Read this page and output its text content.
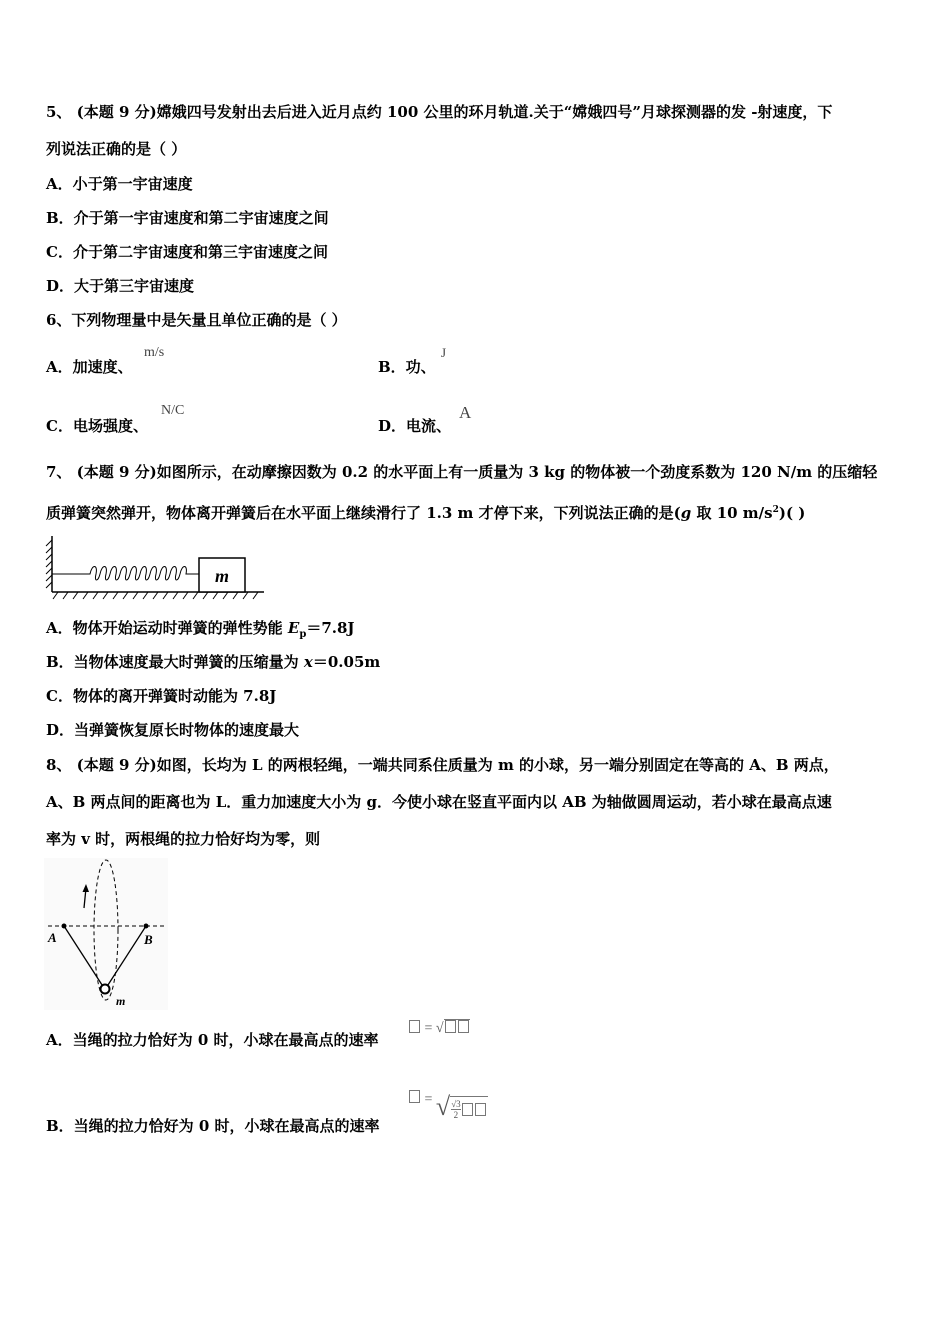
5、 (本题 9 分)嫦娥四号发射出去后进入近月点约 100 公里的环月轨道.关于“嫦娥四号”月球探测器的发 -射速度，下
列说法正确的是（ ）
A．小于第一宇宙速度
B．介于第一宇宙速度和第二宇宙速度之间
C．介于第二宇宙速度和第三宇宙速度之间
D．大于第三宇宙速度
6、下列物理量中是矢量且单位正确的是（ ）
A．加速度、
m/s
B．功、
J
C．电场强度、
N/C
D．电流、
A
7、 (本题 9 分)如图所示，在动摩擦因数为 0.2 的水平面上有一质量为 3 kg 的物体被一个劲度系数为 120 N/m 的压缩轻
质弹簧突然弹开，物体离开弹簧后在水平面上继续滑行了 1.3 m 才停下来，下列说法正确的是(g 取 10 $m/s^2$)( )
m
A．物体开始运动时弹簧的弹性势能 $E_p=7.8J$
B．当物体速度最大时弹簧的压缩量为 x＝0.05m
C．物体的离开弹簧时动能为 7.8J
D．当弹簧恢复原长时物体的速度最大
8、 (本题 9 分)如图，长均为 L 的两根轻绳，一端共同系住质量为 m 的小球，另一端分别固定在等高的 A、B 两点，
A、B 两点间的距离也为 L．重力加速度大小为 g．今使小球在竖直平面内以 AB 为轴做圆周运动，若小球在最高点速
率为 v 时，两根绳的拉力恰好均为零，则
A	B
m
A．当绳的拉力恰好为 0 时，小球在最高点的速率
= √
B．当绳的拉力恰好为 0 时，小球在最高点的速率
= √ $\frac{√3}{2}$
